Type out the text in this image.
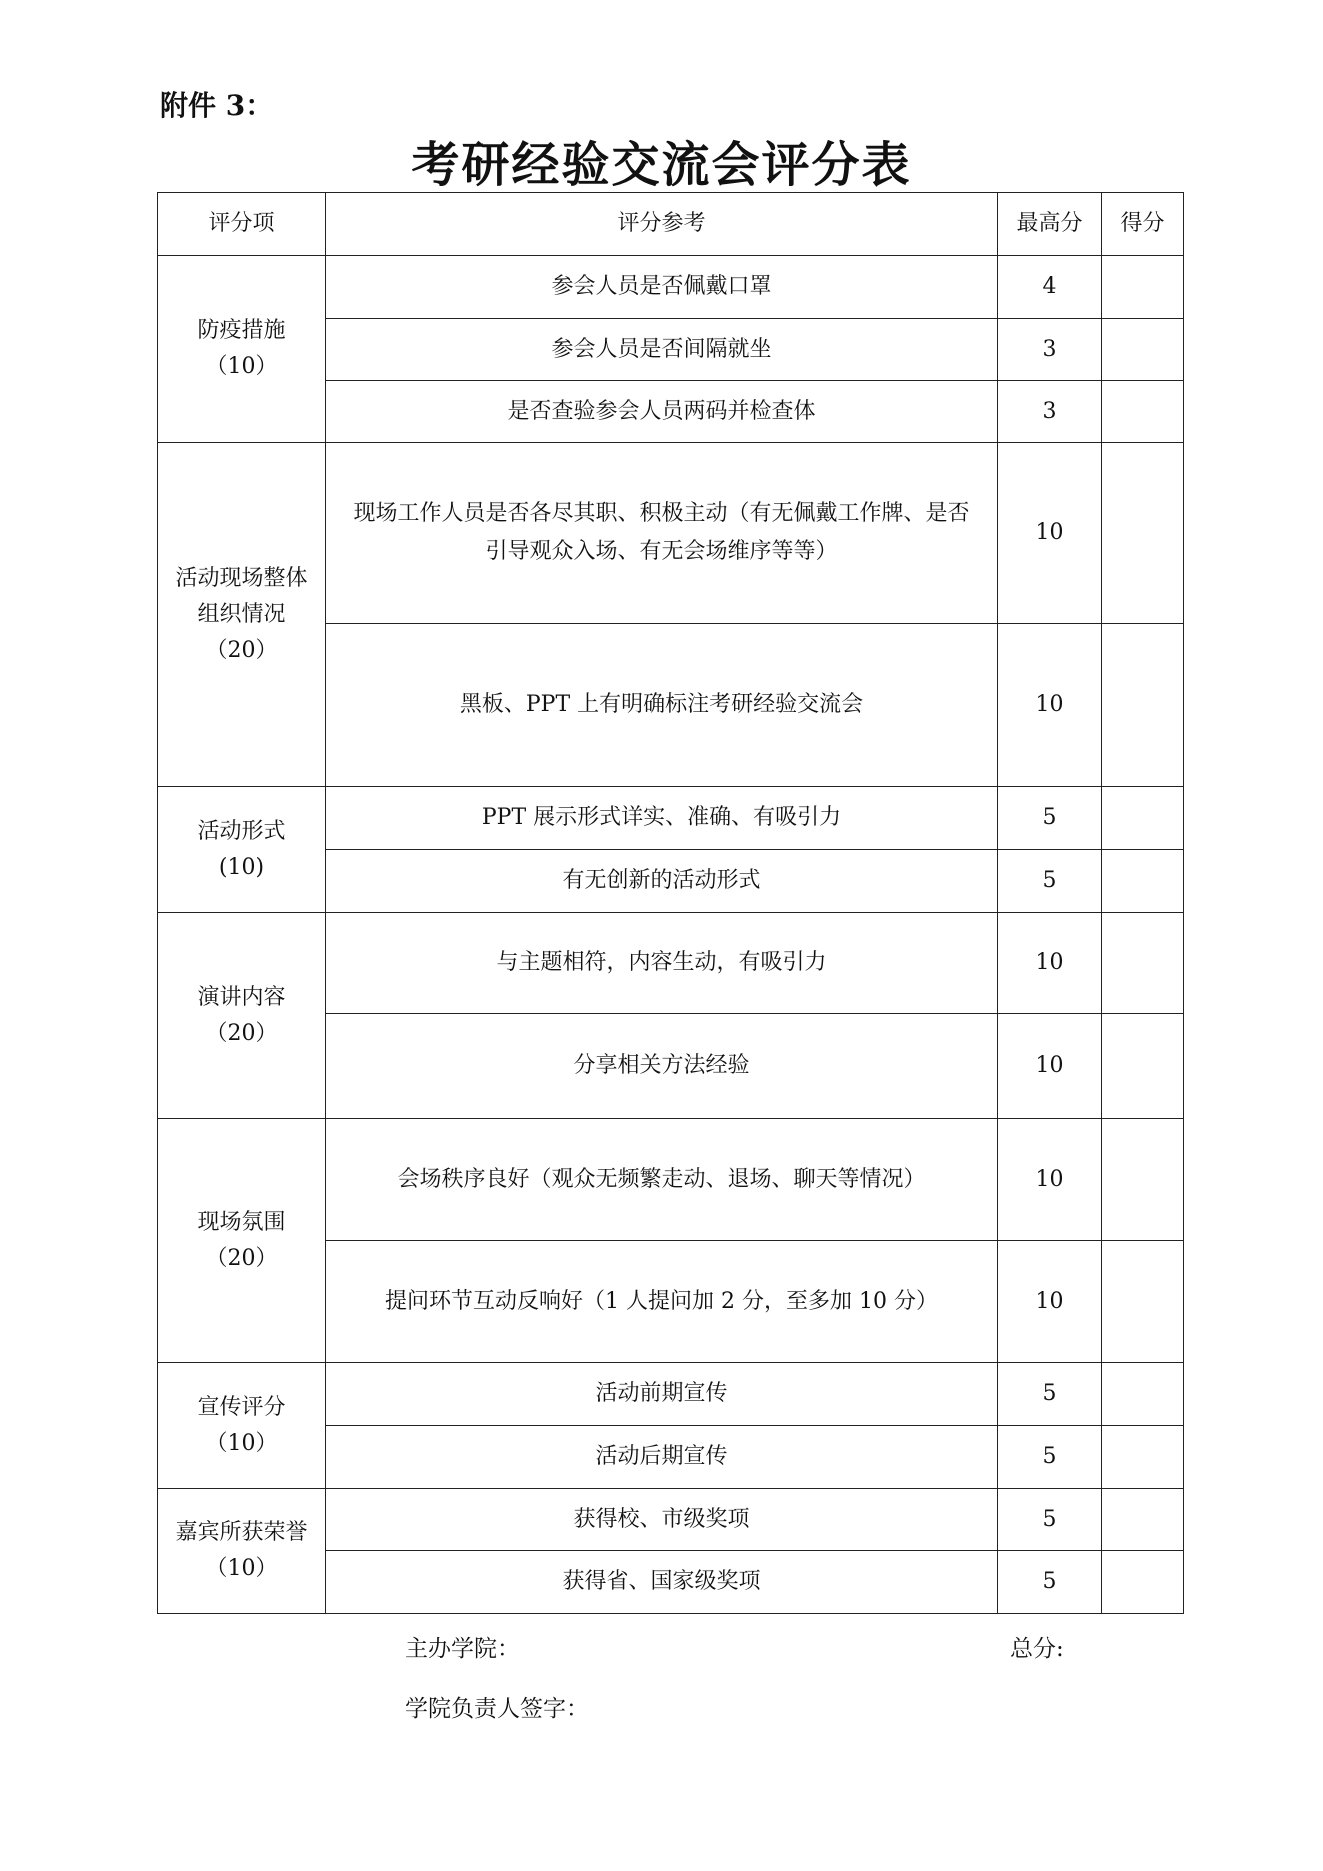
附件 3：
考研经验交流会评分表
评分项	评分参考	最高分	得分

防疫措施
（10）	参会人员是否佩戴口罩	4	
	参会人员是否间隔就坐	3	
	是否查验参会人员两码并检查体	3	

活动现场整体组织情况
（20）	现场工作人员是否各尽其职、积极主动（有无佩戴工作牌、是否引导观众入场、有无会场维序等等）	10	
	黑板、PPT 上有明确标注考研经验交流会	10	

活动形式
(10)	PPT 展示形式详实、准确、有吸引力	5	
	有无创新的活动形式	5	

演讲内容
（20）	与主题相符，内容生动，有吸引力	10	
	分享相关方法经验	10	

现场氛围
（20）	会场秩序良好（观众无频繁走动、退场、聊天等情况）	10	
	提问环节互动反响好（1 人提问加 2 分，至多加 10 分）	10	

宣传评分
（10）	活动前期宣传	5	
	活动后期宣传	5	

嘉宾所获荣誉
（10）	获得校、市级奖项	5	
	获得省、国家级奖项	5	
主办学院：	总分:
学院负责人签字：
